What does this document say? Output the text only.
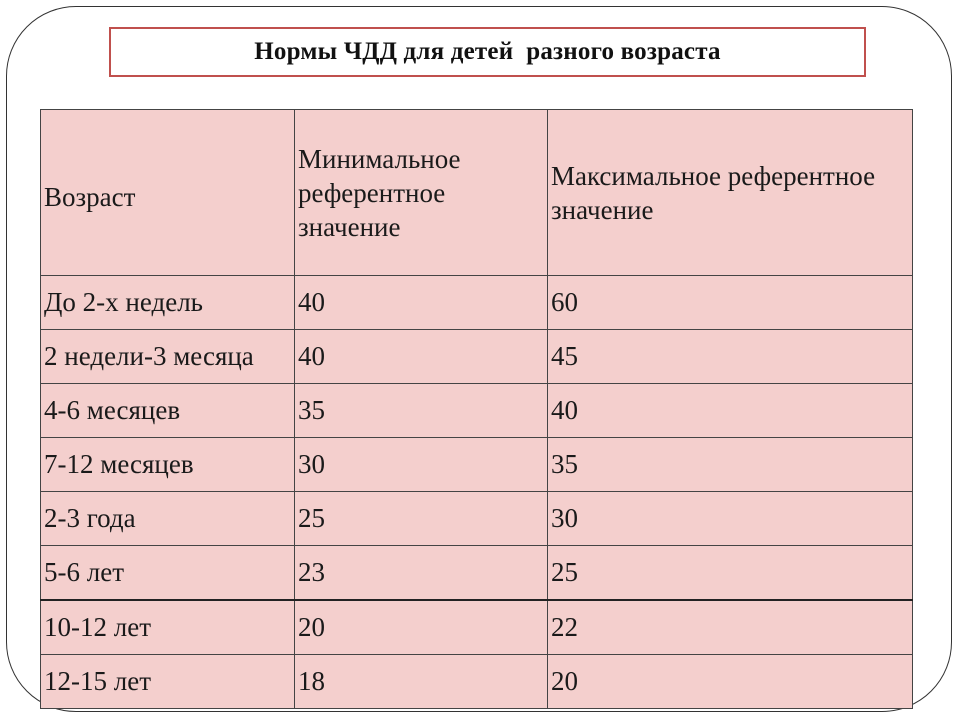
Нормы ЧДД для детей  разного возраста
Возраст	Минимальное референтное значение	Максимальное референтное значение
До 2-х недель	40	60
2 недели-3 месяца	40	45
4-6 месяцев	35	40
7-12 месяцев	30	35
2-3 года	25	30
5-6 лет	23	25
10-12 лет	20	22
12-15 лет	18	20
